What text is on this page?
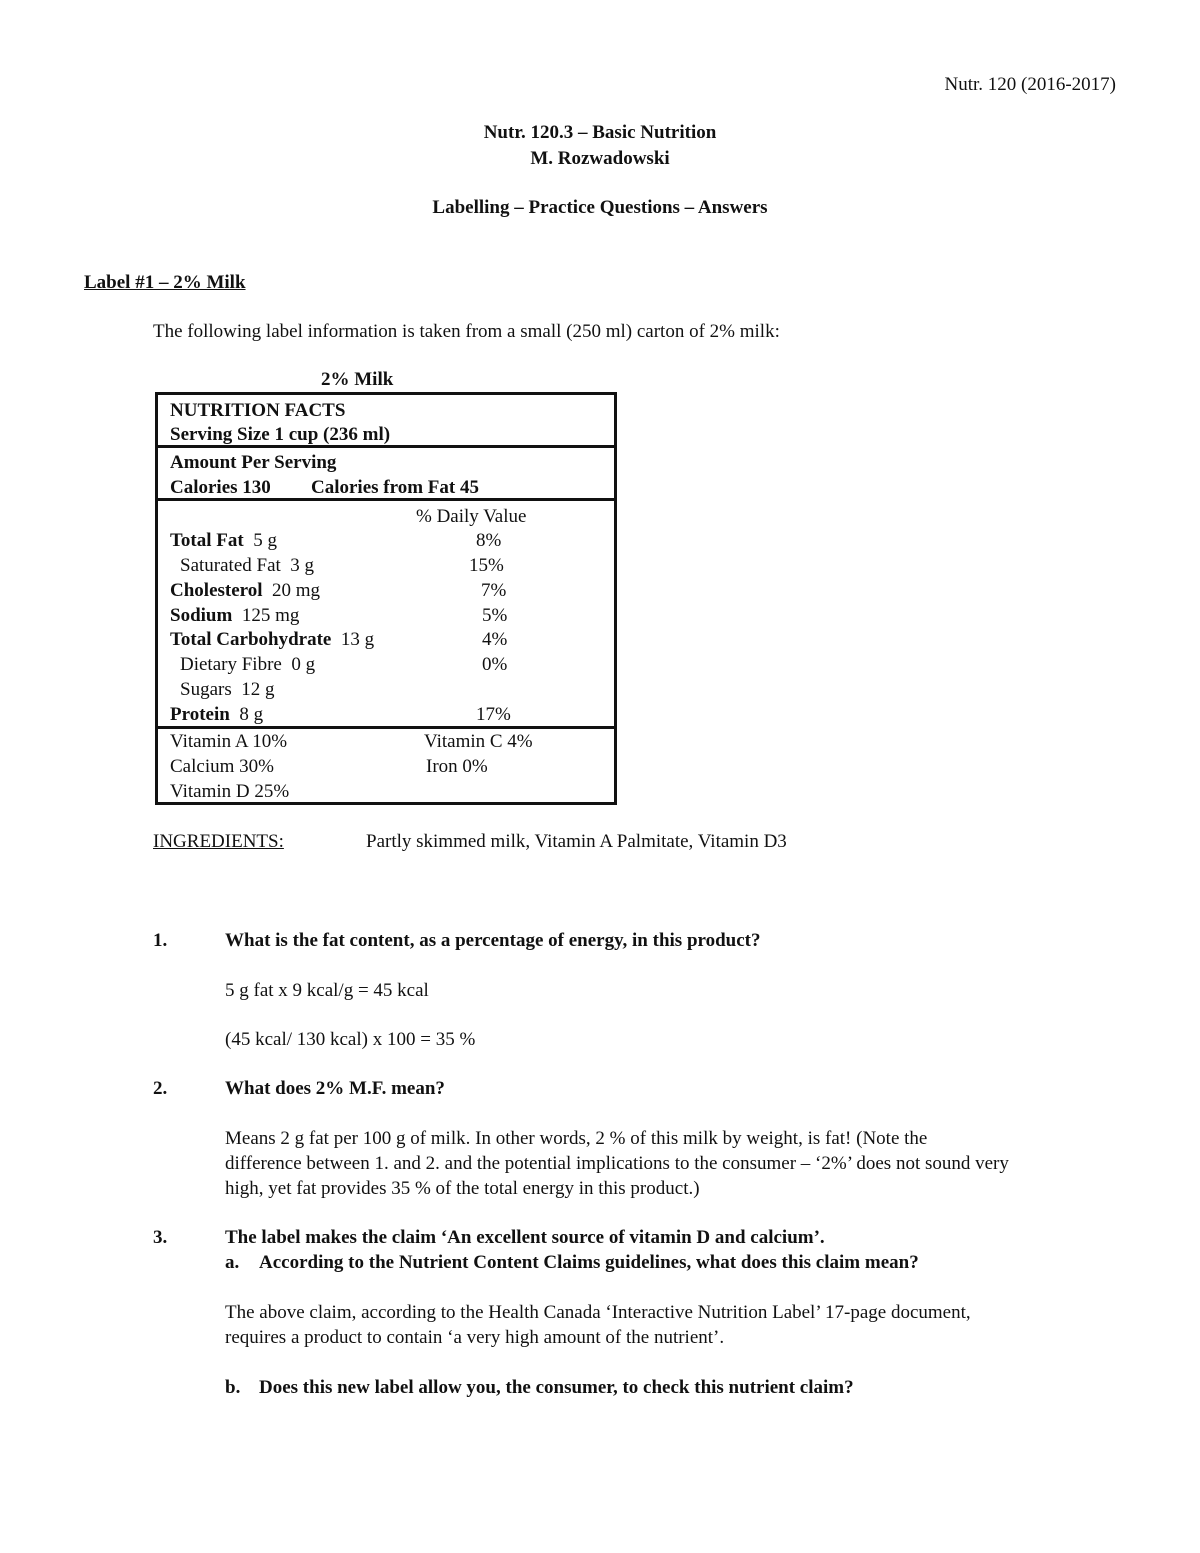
Nutr. 120 (2016-2017)
Nutr. 120.3 – Basic Nutrition
M. Rozwadowski
Labelling – Practice Questions – Answers
Label #1 – 2% Milk
The following label information is taken from a small (250 ml) carton of 2% milk:
2% Milk
NUTRITION FACTS
Serving Size 1 cup (236 ml)
Amount Per Serving
Calories 130 Calories from Fat 45
% Daily Value
Total Fat 5 g	8%
Saturated Fat 3 g	15%
Cholesterol 20 mg	7%
Sodium 125 mg	5%
Total Carbohydrate 13 g	4%
Dietary Fibre 0 g	0%
Sugars 12 g
Protein 8 g	17%
Vitamin A 10%	Vitamin C 4%
Calcium 30%	Iron 0%
Vitamin D 25%
INGREDIENTS:	Partly skimmed milk, Vitamin A Palmitate, Vitamin D3
1.	What is the fat content, as a percentage of energy, in this product?
5 g fat x 9 kcal/g = 45 kcal
(45 kcal/ 130 kcal) x 100 = 35 %
2.	What does 2% M.F. mean?
Means 2 g fat per 100 g of milk. In other words, 2 % of this milk by weight, is fat! (Note the
difference between 1. and 2. and the potential implications to the consumer – ‘2%’ does not sound very
high, yet fat provides 35 % of the total energy in this product.)
3.	The label makes the claim ‘An excellent source of vitamin D and calcium’.
a. According to the Nutrient Content Claims guidelines, what does this claim mean?
The above claim, according to the Health Canada ‘Interactive Nutrition Label’ 17-page document,
requires a product to contain ‘a very high amount of the nutrient’.
b. Does this new label allow you, the consumer, to check this nutrient claim?
